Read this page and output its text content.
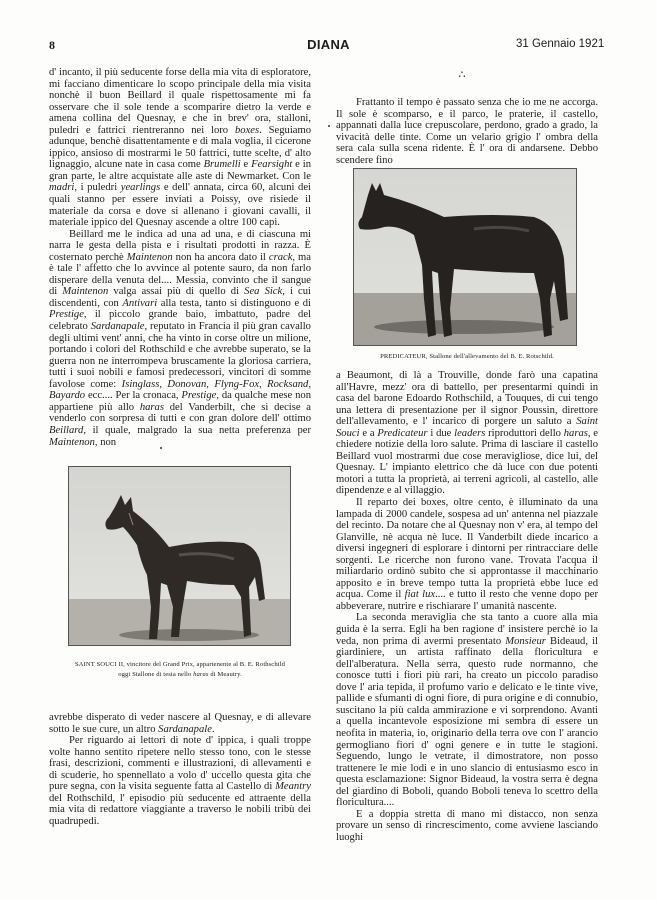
8	DIANA	31 Gennaio 1921

d' incanto, il più seducente forse della mia vita di esploratore, mi facciano dimenticare lo scopo principale della mia visita nonchè il buon Beillard il quale rispettosamente mi fa osservare che il sole tende a scomparire dietro la verde e amena collina del Quesnay, e che in brev' ora, stalloni, puledri e fattrici rientreranno nei loro boxes. Seguiamo adunque, benchè disattentamente e di mala voglia, il cicerone ippico, ansioso di mostrarmi le 50 fattrici, tutte scelte, d' alto lignaggio, alcune nate in casa come Brumelli e Fearsight e in gran parte, le altre acquistate alle aste di Newmarket. Con le madri, i puledri yearlings e dell' annata, circa 60, alcuni dei quali stanno per essere inviati a Poissy, ove risiede il materiale da corsa e dove si allenano i giovani cavalli, il materiale ippico del Quesnay ascende a oltre 100 capi.

Beillard me le indica ad una ad una, e di ciascuna mi narra le gesta della pista e i risultati prodotti in razza. È costernato perchè Maintenon non ha ancora dato il crack, ma è tale l' affetto che lo avvince al potente sauro, da non farlo disperare della venuta del.... Messia, convinto che il sangue di Maintenon valga assai più di quello di Sea Sick, i cui discendenti, con Antivari alla testa, tanto si distinguono e di Prestige, il piccolo grande baio, imbattuto, padre del celebrato Sardanapale, reputato in Francia il più gran cavallo degli ultimi vent' anni, che ha vinto in corse oltre un milione, portando i colori del Rothschild e che avrebbe superato, se la guerra non ne interrompeva bruscamente la gloriosa carriera, tutti i suoi nobili e famosi predecessori, vincitori di somme favolose come: Isinglass, Donovan, Flyng-Fox, Rocksand, Bayardo ecc.... Per la cronaca, Prestige, da qualche mese non appartiene più allo haras del Vanderbilt, che si decise a venderlo con sorpresa di tutti e con gran dolore dell' ottimo Beillard, il quale, malgrado la sua netta preferenza per Maintenon, non

SAINT SOUCI II, vincitore del Grand Prix, appartenente al B. E. Rothschild
oggi Stallone di testa nello haras di Meautry.

avrebbe disperato di veder nascere al Quesnay, e di allevare sotto le sue cure, un altro Sardanapale.

Per riguardo ai lettori di note d' ippica, i quali troppe volte hanno sentito ripetere nello stesso tono, con le stesse frasi, descrizioni, commenti e illustrazioni, di allevamenti e di scuderie, ho spennellato a volo d' uccello questa gita che pure segna, con la visita seguente fatta al Castello di Meantry del Rothschild, l' episodio più seducente ed attraente della mia vita di redattore viaggiante a traverso le nobili tribù dei quadrupedi.

∴

Frattanto il tempo è passato senza che io me ne accorga. Il sole è scomparso, e il parco, le praterie, il castello, appannati dalla luce crepuscolare, perdono, grado a grado, la vivacità delle tinte. Come un velario grigio l' ombra della sera cala sulla scena ridente. È l' ora di andarsene. Debbo scendere fino

PREDICATEUR, Stallone dell'allevamento del B. E. Rotschild.

a Beaumont, di là a Trouville, donde farò una capatina all'Havre, mezz' ora di battello, per presentarmi quindi in casa del barone Edoardo Rothschild, a Touques, di cui tengo una lettera di presentazione per il signor Poussin, direttore dell'allevamento, e l' incarico di porgere un saluto a Saint Souci e a Predicateur i due leaders riproduttori dello haras, e chiedere notizie della loro salute. Prima di lasciare il castello Beillard vuol mostrarmi due cose meravigliose, dice lui, del Quesnay. L' impianto elettrico che dà luce con due potenti motori a tutta la proprietà, ai terreni agricoli, al castello, alle dipendenze e al villaggio.

Il reparto dei boxes, oltre cento, è illuminato da una lampada di 2000 candele, sospesa ad un' antenna nel piazzale del recinto. Da notare che al Quesnay non v' era, al tempo del Glanville, nè acqua nè luce. Il Vanderbilt diede incarico a diversi ingegneri di esplorare i dintorni per rintracciare delle sorgenti. Le ricerche non furono vane. Trovata l'acqua il miliardario ordinò subito che si approntasse il macchinario apposito e in breve tempo tutta la proprietà ebbe luce ed acqua. Come il fiat lux.... e tutto il resto che venne dopo per abbeverare, nutrire e rischiarare l' umanità nascente.

La seconda meraviglia che sta tanto a cuore alla mia guida è la serra. Egli ha ben ragione d' insistere perchè io la veda, non prima di avermi presentato Monsieur Bideaud, il giardiniere, un artista raffinato della floricultura e dell'alberatura. Nella serra, questo rude normanno, che conosce tutti i fiori più rari, ha creato un piccolo paradiso dove l' aria tepida, il profumo vario e delicato e le tinte vive, pallide e sfumanti di ogni fiore, di pura origine e di connubio, suscitano la più calda ammirazione e vi sorprendono. Avanti a quella incantevole esposizione mi sembra di essere un neofita in materia, io, originario della terra ove con l' arancio germogliano fiori d' ogni genere e in tutte le stagioni. Seguendo, lungo le vetrate, il dimostratore, non posso trattenere le mie lodi e in uno slancio di entusiasmo esco in questa esclamazione: Signor Bideaud, la vostra serra è degna del giardino di Boboli, quando Boboli teneva lo scettro della floricultura....

E a doppia stretta di mano mi distacco, non senza provare un senso di rincrescimento, come avviene lasciando luoghi
